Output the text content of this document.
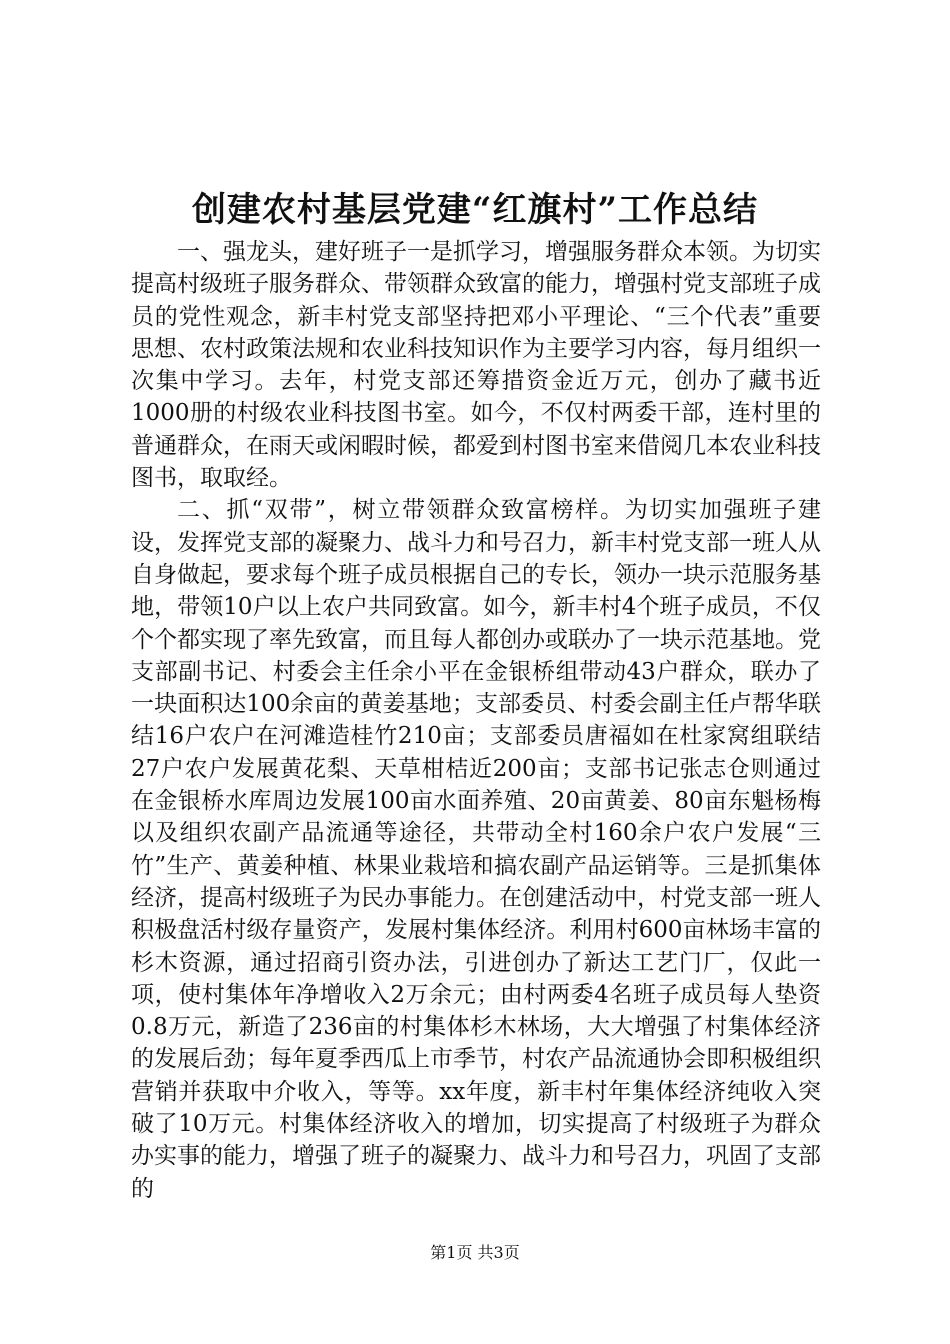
创建农村基层党建“红旗村”工作总结

一、强龙头，建好班子一是抓学习，增强服务群众本领。为切实提高村级班子服务群众、带领群众致富的能力，增强村党支部班子成员的党性观念，新丰村党支部坚持把邓小平理论、“三个代表”重要思想、农村政策法规和农业科技知识作为主要学习内容，每月组织一次集中学习。去年，村党支部还筹措资金近万元，创办了藏书近1000册的村级农业科技图书室。如今，不仅村两委干部，连村里的普通群众，在雨天或闲暇时候，都爱到村图书室来借阅几本农业科技图书，取取经。

二、抓“双带”，树立带领群众致富榜样。为切实加强班子建设，发挥党支部的凝聚力、战斗力和号召力，新丰村党支部一班人从自身做起，要求每个班子成员根据自己的专长，领办一块示范服务基地，带领10户以上农户共同致富。如今，新丰村4个班子成员，不仅个个都实现了率先致富，而且每人都创办或联办了一块示范基地。党支部副书记、村委会主任余小平在金银桥组带动43户群众，联办了一块面积达100余亩的黄姜基地；支部委员、村委会副主任卢帮华联结16户农户在河滩造桂竹210亩；支部委员唐福如在杜家窝组联结27户农户发展黄花梨、天草柑桔近200亩；支部书记张志仓则通过在金银桥水库周边发展100亩水面养殖、20亩黄姜、80亩东魁杨梅以及组织农副产品流通等途径，共带动全村160余户农户发展“三竹”生产、黄姜种植、林果业栽培和搞农副产品运销等。三是抓集体经济，提高村级班子为民办事能力。在创建活动中，村党支部一班人积极盘活村级存量资产，发展村集体经济。利用村600亩林场丰富的杉木资源，通过招商引资办法，引进创办了新达工艺门厂，仅此一项，使村集体年净增收入2万余元；由村两委4名班子成员每人垫资0.8万元，新造了236亩的村集体杉木林场，大大增强了村集体经济的发展后劲；每年夏季西瓜上市季节，村农产品流通协会即积极组织营销并获取中介收入，等等。xx年度，新丰村年集体经济纯收入突破了10万元。村集体经济收入的增加，切实提高了村级班子为群众办实事的能力，增强了班子的凝聚力、战斗力和号召力，巩固了支部的

第1页 共3页
